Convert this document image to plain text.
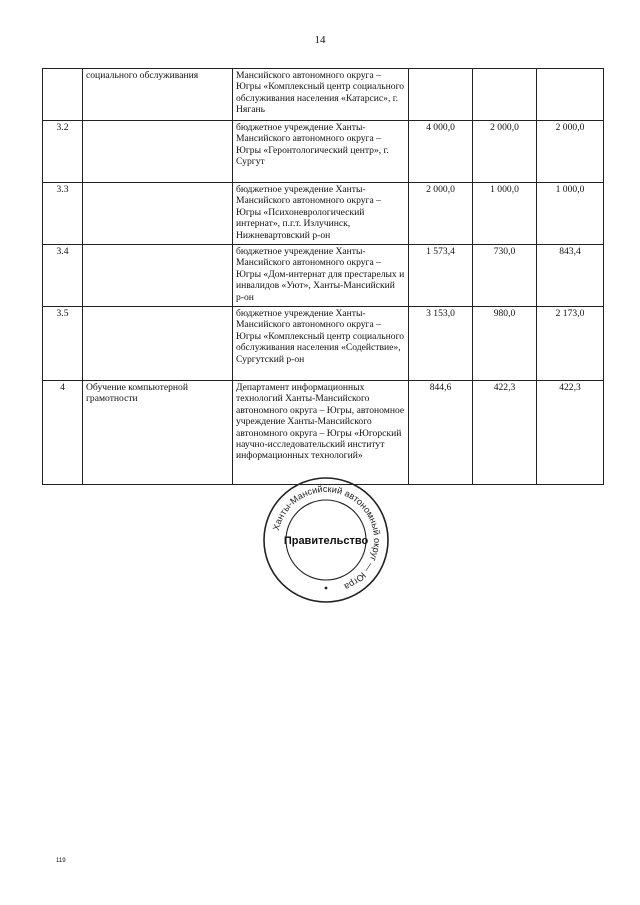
14
	социального обслуживания	Мансийского автономного округа – Югры «Комплексный центр социального обслуживания населения «Катарсис», г. Нягань			
3.2		бюджетное учреждение Ханты-Мансийского автономного округа – Югры «Геронтологический центр», г. Сургут	4 000,0	2 000,0	2 000,0
3.3		бюджетное учреждение Ханты-Мансийского автономного округа – Югры «Психоневрологический интернат», п.г.т. Излучинск, Нижневартовский р-он	2 000,0	1 000,0	1 000,0
3.4		бюджетное учреждение Ханты-Мансийского автономного округа – Югры «Дом-интернат для престарелых и инвалидов «Уют», Ханты-Мансийский р-он	1 573,4	730,0	843,4
3.5		бюджетное учреждение Ханты-Мансийского автономного округа – Югры «Комплексный центр социального обслуживания населения «Содействие», Сургутский р-он	3 153,0	980,0	2 173,0
4	Обучение компьютерной грамотности	Департамент информационных технологий Ханты-Мансийского автономного округа – Югры, автономное учреждение Ханты-Мансийского автономного округа – Югры «Югорский научно-исследовательский институт информационных технологий»	844,6	422,3	422,3
Ханты-Мансийский автономный округ — Югра
Правительство
119
